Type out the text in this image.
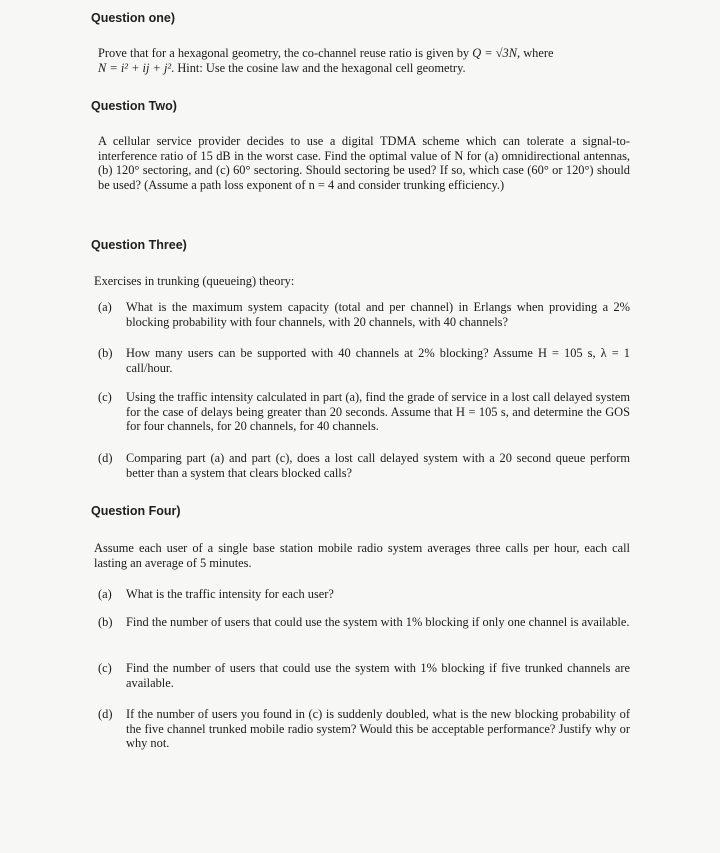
Question one)

Prove that for a hexagonal geometry, the co-channel reuse ratio is given by Q = √3N, where
N = i² + ij + j². Hint: Use the cosine law and the hexagonal cell geometry.

Question Two)

A cellular service provider decides to use a digital TDMA scheme which can tolerate a signal-to-interference ratio of 15 dB in the worst case. Find the optimal value of N for (a) omnidirectional antennas, (b) 120° sectoring, and (c) 60° sectoring. Should sectoring be used? If so, which case (60° or 120°) should be used? (Assume a path loss exponent of n = 4 and consider trunking efficiency.)

Question Three)

Exercises in trunking (queueing) theory:

(a)	What is the maximum system capacity (total and per channel) in Erlangs when providing a 2% blocking probability with four channels, with 20 channels, with 40 channels?
(b)	How many users can be supported with 40 channels at 2% blocking? Assume H = 105 s, λ = 1 call/hour.
(c)	Using the traffic intensity calculated in part (a), find the grade of service in a lost call delayed system for the case of delays being greater than 20 seconds. Assume that H = 105 s, and determine the GOS for four channels, for 20 channels, for 40 channels.
(d)	Comparing part (a) and part (c), does a lost call delayed system with a 20 second queue perform better than a system that clears blocked calls?
Question Four)

Assume each user of a single base station mobile radio system averages three calls per hour, each call lasting an average of 5 minutes.

(a)	What is the traffic intensity for each user?
(b)	Find the number of users that could use the system with 1% blocking if only one channel is available.
(c)	Find the number of users that could use the system with 1% blocking if five trunked channels are available.
(d)	If the number of users you found in (c) is suddenly doubled, what is the new blocking probability of the five channel trunked mobile radio system? Would this be acceptable performance? Justify why or why not.
